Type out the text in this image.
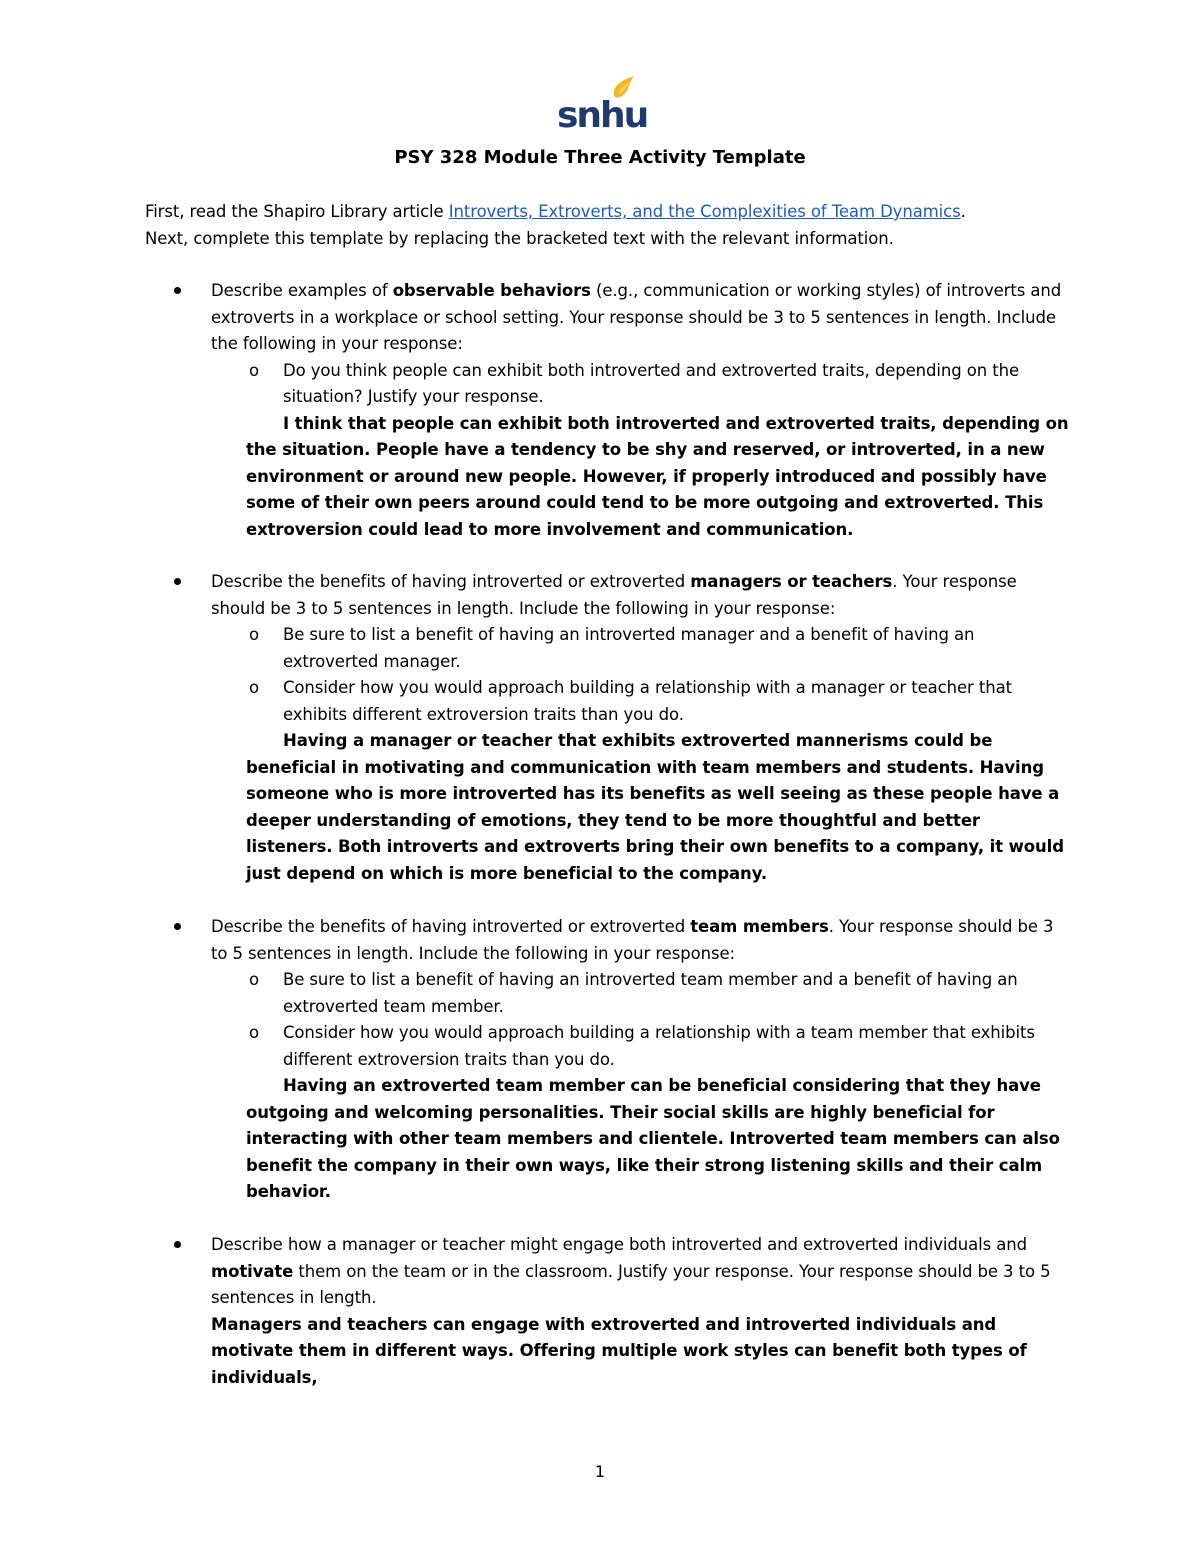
snhu
PSY 328 Module Three Activity Template
First, read the Shapiro Library article Introverts, Extroverts, and the Complexities of Team Dynamics.
Next, complete this template by replacing the bracketed text with the relevant information.
Describe examples of observable behaviors (e.g., communication or working styles) of introverts and extroverts in a workplace or school setting. Your response should be 3 to 5 sentences in length. Include the following in your response:
o Do you think people can exhibit both introverted and extroverted traits, depending on the situation? Justify your response.
I think that people can exhibit both introverted and extroverted traits, depending on the situation. People have a tendency to be shy and reserved, or introverted, in a new environment or around new people. However, if properly introduced and possibly have some of their own peers around could tend to be more outgoing and extroverted. This extroversion could lead to more involvement and communication.
Describe the benefits of having introverted or extroverted managers or teachers. Your response should be 3 to 5 sentences in length. Include the following in your response:
o Be sure to list a benefit of having an introverted manager and a benefit of having an extroverted manager.
o Consider how you would approach building a relationship with a manager or teacher that exhibits different extroversion traits than you do.
Having a manager or teacher that exhibits extroverted mannerisms could be beneficial in motivating and communication with team members and students. Having someone who is more introverted has its benefits as well seeing as these people have a deeper understanding of emotions, they tend to be more thoughtful and better listeners. Both introverts and extroverts bring their own benefits to a company, it would just depend on which is more beneficial to the company.
Describe the benefits of having introverted or extroverted team members. Your response should be 3 to 5 sentences in length. Include the following in your response:
o Be sure to list a benefit of having an introverted team member and a benefit of having an extroverted team member.
o Consider how you would approach building a relationship with a team member that exhibits different extroversion traits than you do.
Having an extroverted team member can be beneficial considering that they have outgoing and welcoming personalities. Their social skills are highly beneficial for interacting with other team members and clientele. Introverted team members can also benefit the company in their own ways, like their strong listening skills and their calm behavior.
Describe how a manager or teacher might engage both introverted and extroverted individuals and motivate them on the team or in the classroom. Justify your response. Your response should be 3 to 5 sentences in length.
Managers and teachers can engage with extroverted and introverted individuals and motivate them in different ways. Offering multiple work styles can benefit both types of individuals,
1
